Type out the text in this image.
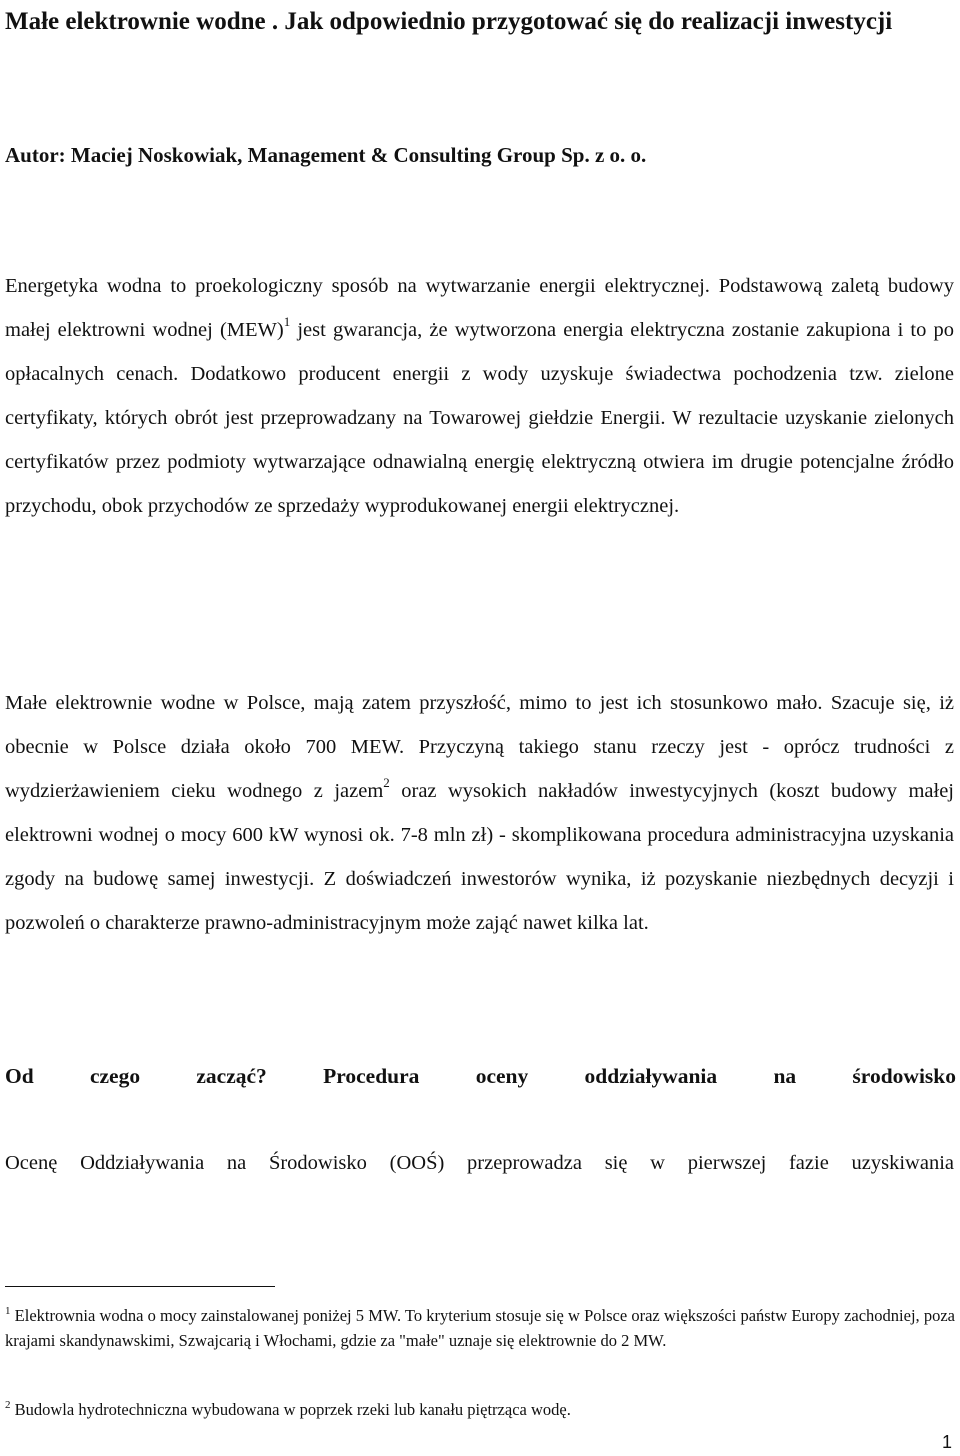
Małe elektrownie wodne . Jak odpowiednio przygotować się do realizacji inwestycji

Autor: Maciej Noskowiak, Management & Consulting Group Sp. z o. o.

Energetyka wodna to proekologiczny sposób na wytwarzanie energii elektrycznej. Podstawową zaletą budowy małej elektrowni wodnej (MEW)$^1$ jest gwarancja, że wytworzona energia elektryczna zostanie zakupiona i to po opłacalnych cenach. Dodatkowo producent energii z wody uzyskuje świadectwa pochodzenia tzw. zielone certyfikaty, których obrót jest przeprowadzany na Towarowej giełdzie Energii. W rezultacie uzyskanie zielonych certyfikatów przez podmioty wytwarzające odnawialną energię elektryczną otwiera im drugie potencjalne źródło przychodu, obok przychodów ze sprzedaży wyprodukowanej energii elektrycznej.

Małe elektrownie wodne w Polsce, mają zatem przyszłość, mimo to jest ich stosunkowo mało. Szacuje się, iż obecnie w Polsce działa około 700 MEW. Przyczyną takiego stanu rzeczy jest - oprócz trudności z wydzierżawieniem cieku wodnego z jazem$^2$ oraz wysokich nakładów inwestycyjnych (koszt budowy małej elektrowni wodnej o mocy 600 kW wynosi ok. 7-8 mln zł) - skomplikowana procedura administracyjna uzyskania zgody na budowę samej inwestycji. Z doświadczeń inwestorów wynika, iż pozyskanie niezbędnych decyzji i pozwoleń o charakterze prawno-administracyjnym może zająć nawet kilka lat.

Od czego zacząć? Procedura oceny oddziaływania na środowisko

Ocenę Oddziaływania na Środowisko (OOŚ) przeprowadza się w pierwszej fazie uzyskiwania

$^1$ Elektrownia wodna o mocy zainstalowanej poniżej 5 MW. To kryterium stosuje się w Polsce oraz większości państw Europy zachodniej, poza krajami skandynawskimi, Szwajcarią i Włochami, gdzie za "małe" uznaje się elektrownie do 2 MW.

$^2$ Budowla hydrotechniczna wybudowana w poprzek rzeki lub kanału piętrząca wodę.

1
